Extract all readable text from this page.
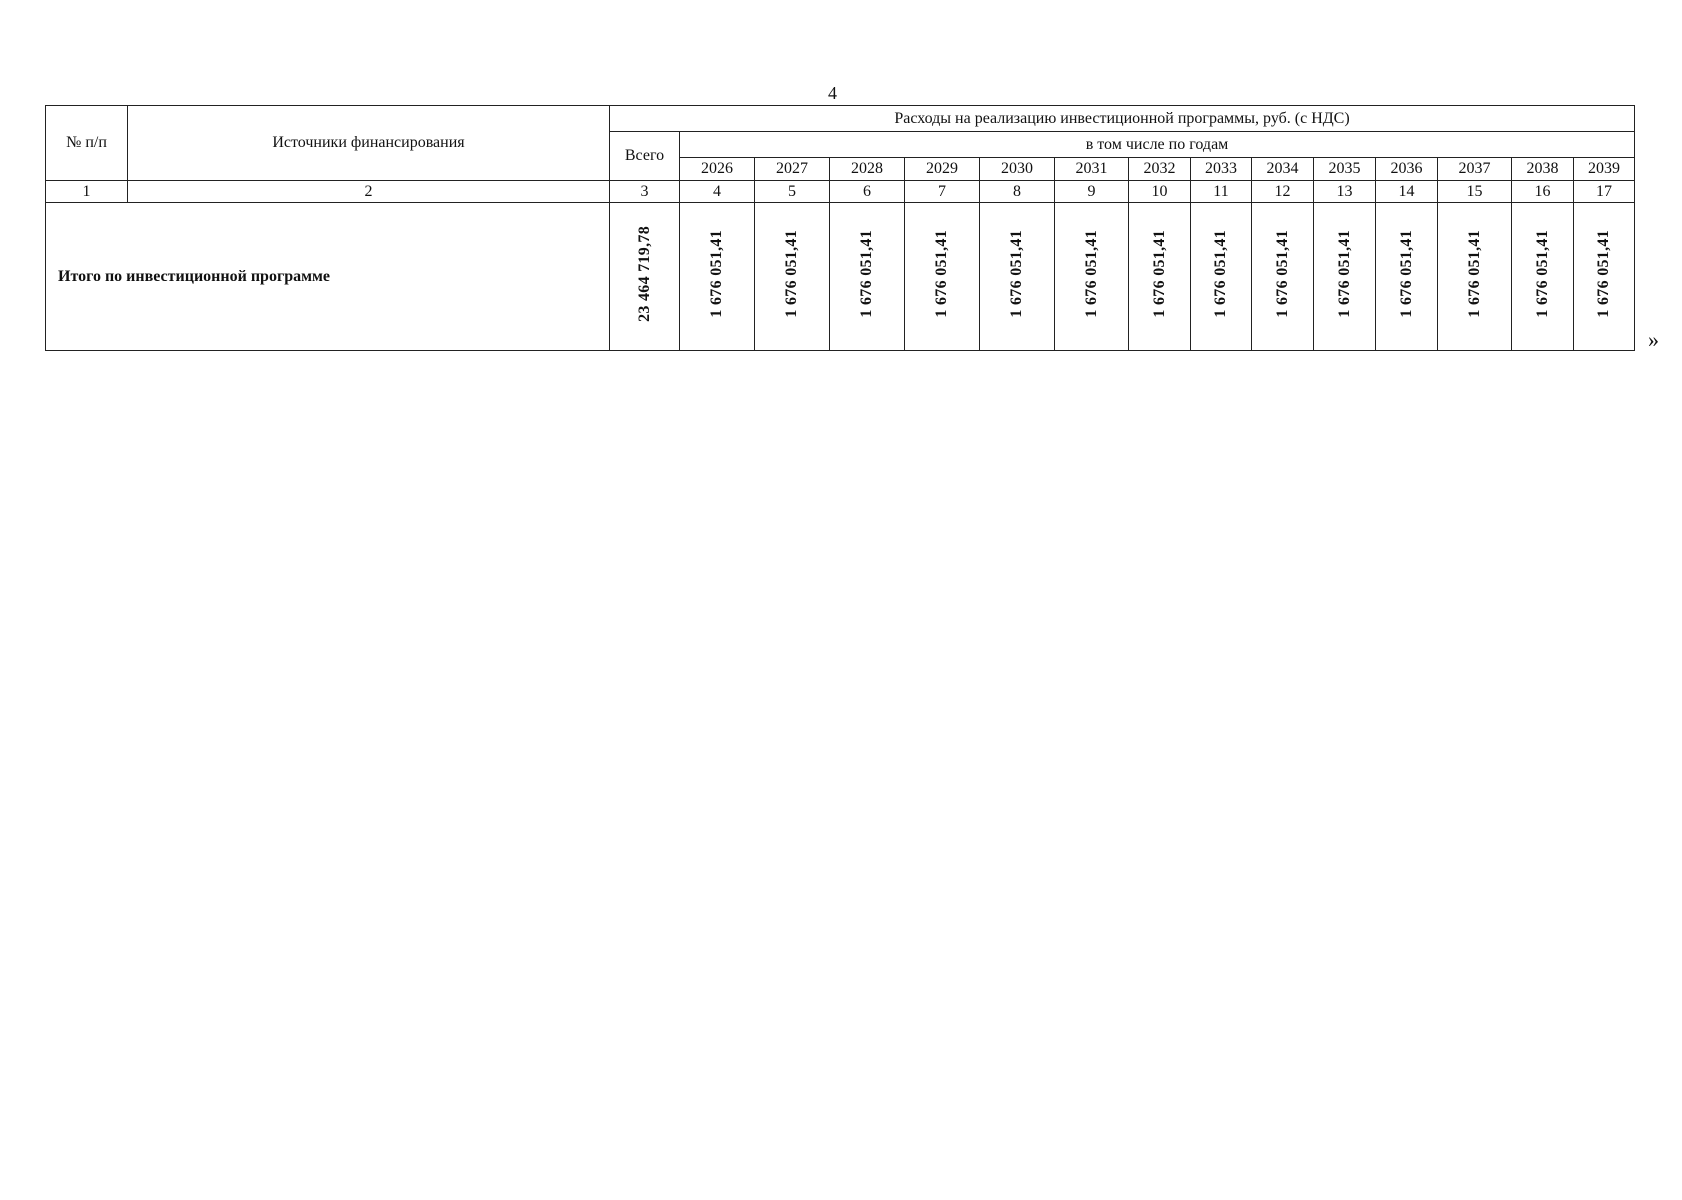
4
№ п/п	Источники финансирования	Расходы на реализацию инвестиционной программы, руб. (с НДС)														
		Всего	в том числе по годам													
			2026	2027	2028	2029	2030	2031	2032	2033	2034	2035	2036	2037	2038	2039
1	2	3	4	5	6	7	8	9	10	11	12	13	14	15	16	17
Итого по инвестиционной программе		23 464 719,78	1 676 051,41	1 676 051,41	1 676 051,41	1 676 051,41	1 676 051,41	1 676 051,41	1 676 051,41	1 676 051,41	1 676 051,41	1 676 051,41	1 676 051,41	1 676 051,41	1 676 051,41	1 676 051,41
»
